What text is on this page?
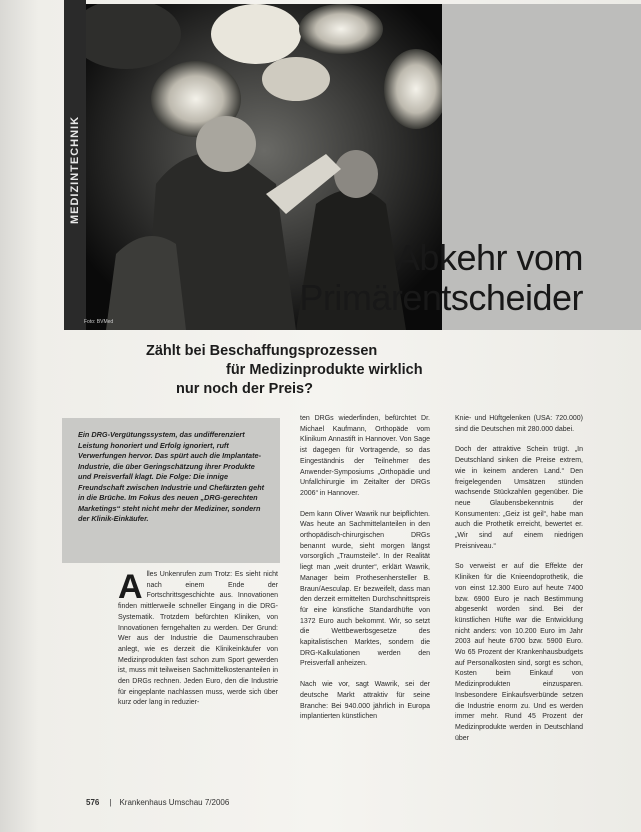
MEDIZINTECHNIK
Foto: BVMed
Abkehr vom
Primärentscheider
Zählt bei Beschaffungsprozessen
für Medizinprodukte wirklich
nur noch der Preis?

Ein DRG-Vergütungssystem, das undifferenziert Leistung honoriert und Erfolg ignoriert, ruft Verwerfungen hervor. Das spürt auch die Implantate-Industrie, die über Geringschätzung ihrer Produkte und Preisverfall klagt. Die Folge: Die innige Freundschaft zwischen Industrie und Chefärzten geht in die Brüche. Im Fokus des neuen „DRG-gerechten Marketings“ steht nicht mehr der Mediziner, sondern der Klinik-Einkäufer.

Alles Unkenrufen zum Trotz: Es sieht nicht nach einem Ende der Fortschrittsgeschichte aus. Innovationen finden mittlerweile schneller Eingang in die DRG-Systematik. Trotzdem befürchten Kliniken, von Innovationen ferngehalten zu werden. Der Grund: Wer aus der Industrie die Daumenschrauben anlegt, wie es derzeit die Klinikeinkäufer von Medizinprodukten fast schon zum Sport gewerden ist, muss mit teilweisen Sachmittelkostenanteilen in den DRGs rechnen. Jeden Euro, den die Industrie für eingeplante nachlassen muss, werde sich über kurz oder lang in reduzier-

ten DRGs wiederfinden, befürchtet Dr. Michael Kaufmann, Orthopäde vom Klinikum Annastift in Hannover. Von Sage ist dagegen für Vortragende, so das Eingeständnis der Teilnehmer des Anwender-Symposiums „Orthopädie und Unfallchirurgie im Zeitalter der DRGs 2006“ in Hannover.

Dem kann Oliver Wawrik nur beipflichten. Was heute an Sachmittelanteilen in den orthopädisch-chirurgischen DRGs benannt wurde, sieht morgen längst vorsorglich „Traumsteile“. In der Realität liegt man „weit drunter“, erklärt Wawrik, Manager beim Prothesenhersteller B. Braun/Aesculap. Er bezweifelt, dass man den derzeit ermittelten Durchschnittspreis für eine künstliche Standardhüfte von 1372 Euro auch bekommt. Wir, so setzt die Wettbewerbsgesetze des kapitalistischen Marktes, sondern die DRG-Kalkulationen werden den Preisverfall anheizen.

Nach wie vor, sagt Wawrik, sei der deutsche Markt attraktiv für seine Branche: Bei 940.000 jährlich in Europa implantierten künstlichen

Knie- und Hüftgelenken (USA: 720.000) sind die Deutschen mit 280.000 dabei.

Doch der attraktive Schein trügt. „In Deutschland sinken die Preise extrem, wie in keinem anderen Land.“ Den freigelegenden Umsätzen stünden wachsende Stückzahlen gegenüber. Die neue Glaubensbekenntnis der Konsumenten: „Geiz ist geil“, habe man auch die Prothetik erreicht, bewertet er. „Wir sind auf einem niedrigen Preisniveau.“

So verweist er auf die Effekte der Kliniken für die Knieendoprothetik, die von einst 12.300 Euro auf heute 7400 bzw. 6900 Euro je nach Bestimmung abgesenkt worden sind. Bei der künstlichen Hüfte war die Entwicklung nicht anders: von 10.200 Euro im Jahr 2003 auf heute 6700 bzw. 5900 Euro. Wo 65 Prozent der Krankenhausbudgets auf Personalkosten sind, sorgt es schon, Kosten beim Einkauf von Medizinprodukten einzusparen. Insbesondere Einkaufsverbünde setzen die Industrie enorm zu. Und es werden immer mehr. Rund 45 Prozent der Medizinprodukte werden in Deutschland über

576 | Krankenhaus Umschau 7/2006
